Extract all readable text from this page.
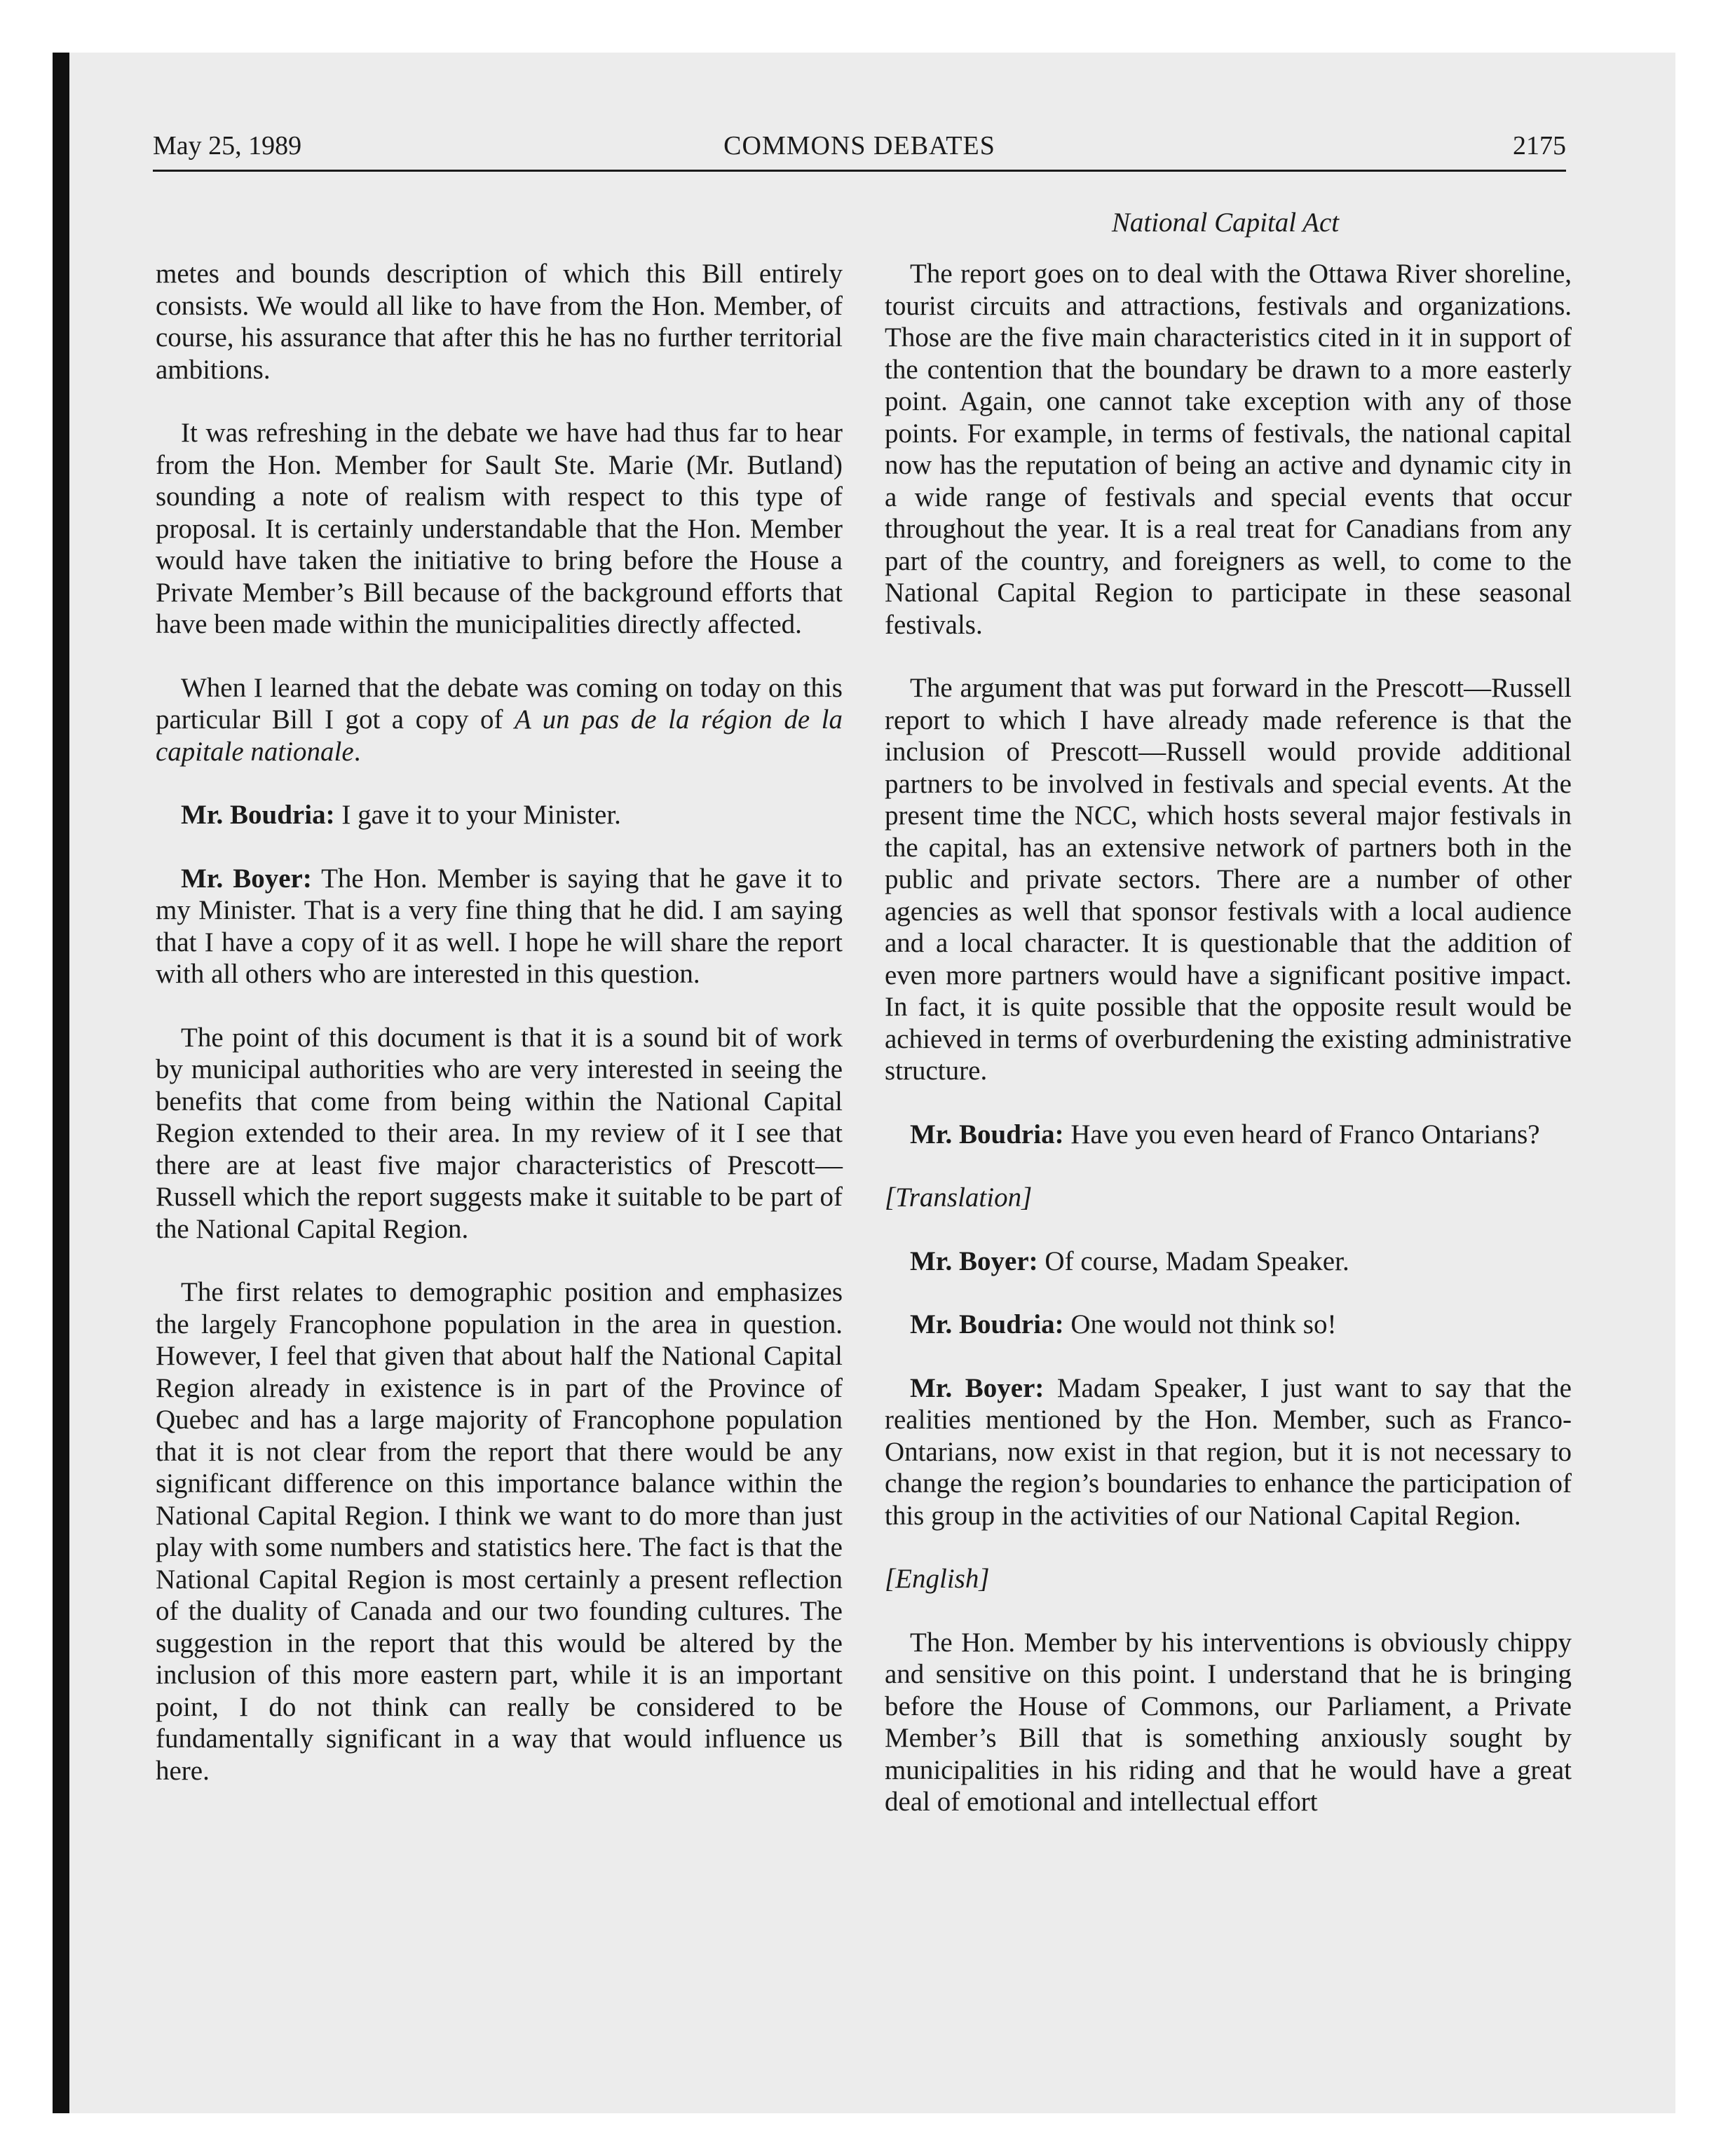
May 25, 1989	COMMONS DEBATES	2175
National Capital Act

metes and bounds description of which this Bill entirely consists. We would all like to have from the Hon. Member, of course, his assurance that after this he has no further territorial ambitions.

It was refreshing in the debate we have had thus far to hear from the Hon. Member for Sault Ste. Marie (Mr. Butland) sounding a note of realism with respect to this type of proposal. It is certainly understandable that the Hon. Member would have taken the initiative to bring before the House a Private Member’s Bill because of the background efforts that have been made within the municipalities directly affected.

When I learned that the debate was coming on today on this particular Bill I got a copy of A un pas de la région de la capitale nationale.

Mr. Boudria: I gave it to your Minister.

Mr. Boyer: The Hon. Member is saying that he gave it to my Minister. That is a very fine thing that he did. I am saying that I have a copy of it as well. I hope he will share the report with all others who are interested in this question.

The point of this document is that it is a sound bit of work by municipal authorities who are very interested in seeing the benefits that come from being within the National Capital Region extended to their area. In my review of it I see that there are at least five major characteristics of Prescott—Russell which the report suggests make it suitable to be part of the National Capital Region.

The first relates to demographic position and emphasizes the largely Francophone population in the area in question. However, I feel that given that about half the National Capital Region already in existence is in part of the Province of Quebec and has a large majority of Francophone population that it is not clear from the report that there would be any significant difference on this importance balance within the National Capital Region. I think we want to do more than just play with some numbers and statistics here. The fact is that the National Capital Region is most certainly a present reflection of the duality of Canada and our two founding cultures. The suggestion in the report that this would be altered by the inclusion of this more eastern part, while it is an important point, I do not think can really be considered to be fundamentally significant in a way that would influence us here.

The report goes on to deal with the Ottawa River shoreline, tourist circuits and attractions, festivals and organizations. Those are the five main characteristics cited in it in support of the contention that the boundary be drawn to a more easterly point. Again, one cannot take exception with any of those points. For example, in terms of festivals, the national capital now has the reputation of being an active and dynamic city in a wide range of festivals and special events that occur throughout the year. It is a real treat for Canadians from any part of the country, and foreigners as well, to come to the National Capital Region to participate in these seasonal festivals.

The argument that was put forward in the Prescott—Russell report to which I have already made reference is that the inclusion of Prescott—Russell would provide additional partners to be involved in festivals and special events. At the present time the NCC, which hosts several major festivals in the capital, has an extensive network of partners both in the public and private sectors. There are a number of other agencies as well that sponsor festivals with a local audience and a local character. It is questionable that the addition of even more partners would have a significant positive impact. In fact, it is quite possible that the opposite result would be achieved in terms of overburdening the existing administrative structure.

Mr. Boudria: Have you even heard of Franco Ontarians?

[Translation]

Mr. Boyer: Of course, Madam Speaker.

Mr. Boudria: One would not think so!

Mr. Boyer: Madam Speaker, I just want to say that the realities mentioned by the Hon. Member, such as Franco-Ontarians, now exist in that region, but it is not necessary to change the region’s boundaries to enhance the participation of this group in the activities of our National Capital Region.

[English]

The Hon. Member by his interventions is obviously chippy and sensitive on this point. I understand that he is bringing before the House of Commons, our Parliament, a Private Member’s Bill that is something anxiously sought by municipalities in his riding and that he would have a great deal of emotional and intellectual effort
